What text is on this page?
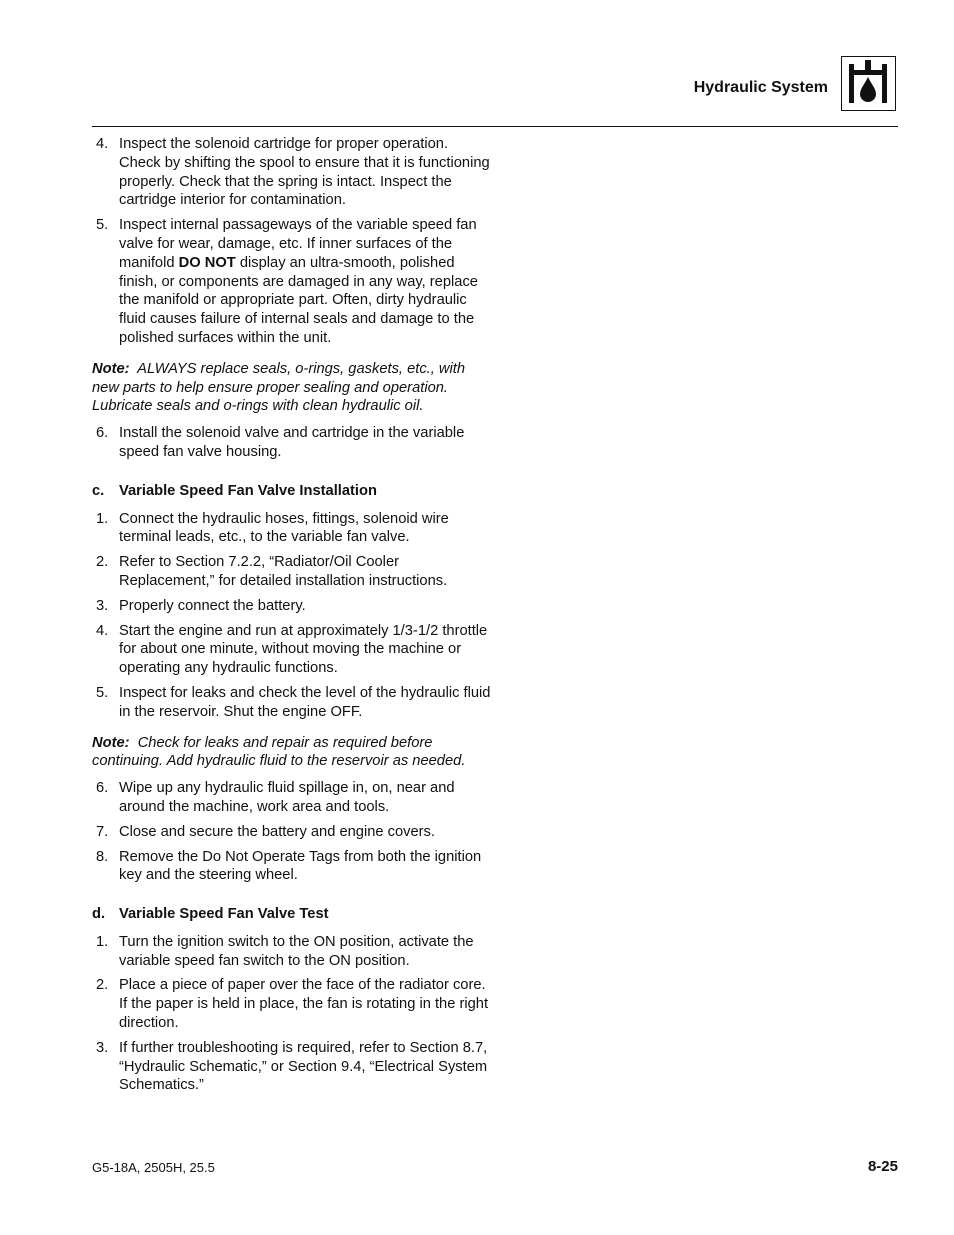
Hydraulic System
4. Inspect the solenoid cartridge for proper operation. Check by shifting the spool to ensure that it is functioning properly. Check that the spring is intact. Inspect the cartridge interior for contamination.
5. Inspect internal passageways of the variable speed fan valve for wear, damage, etc. If inner surfaces of the manifold DO NOT display an ultra-smooth, polished finish, or components are damaged in any way, replace the manifold or appropriate part. Often, dirty hydraulic fluid causes failure of internal seals and damage to the polished surfaces within the unit.
Note: ALWAYS replace seals, o-rings, gaskets, etc., with new parts to help ensure proper sealing and operation. Lubricate seals and o-rings with clean hydraulic oil.
6. Install the solenoid valve and cartridge in the variable speed fan valve housing.
c. Variable Speed Fan Valve Installation
1. Connect the hydraulic hoses, fittings, solenoid wire terminal leads, etc., to the variable fan valve.
2. Refer to Section 7.2.2, “Radiator/Oil Cooler Replacement,” for detailed installation instructions.
3. Properly connect the battery.
4. Start the engine and run at approximately 1/3-1/2 throttle for about one minute, without moving the machine or operating any hydraulic functions.
5. Inspect for leaks and check the level of the hydraulic fluid in the reservoir. Shut the engine OFF.
Note: Check for leaks and repair as required before continuing. Add hydraulic fluid to the reservoir as needed.
6. Wipe up any hydraulic fluid spillage in, on, near and around the machine, work area and tools.
7. Close and secure the battery and engine covers.
8. Remove the Do Not Operate Tags from both the ignition key and the steering wheel.
d. Variable Speed Fan Valve Test
1. Turn the ignition switch to the ON position, activate the variable speed fan switch to the ON position.
2. Place a piece of paper over the face of the radiator core. If the paper is held in place, the fan is rotating in the right direction.
3. If further troubleshooting is required, refer to Section 8.7, “Hydraulic Schematic,” or Section 9.4, “Electrical System Schematics.”
G5-18A, 2505H, 25.5	8-25
